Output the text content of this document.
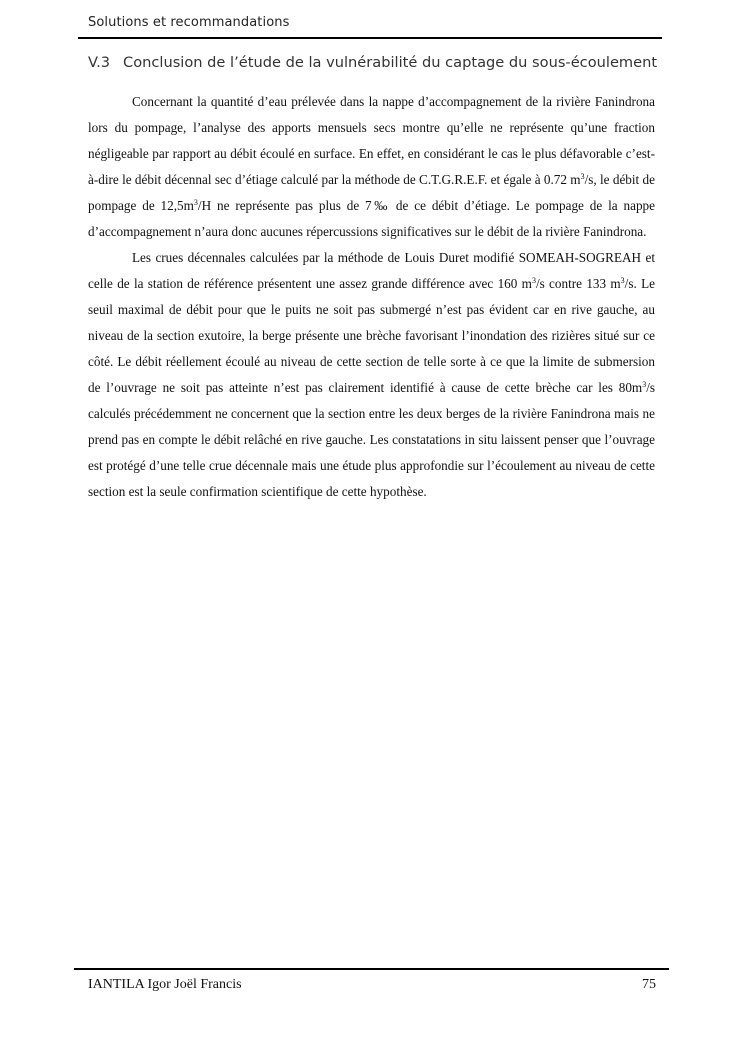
Solutions et recommandations
V.3 Conclusion de l’étude de la vulnérabilité du captage du sous-écoulement

Concernant la quantité d’eau prélevée dans la nappe d’accompagnement de la rivière Fanindrona lors du pompage, l’analyse des apports mensuels secs montre qu’elle ne représente qu’une fraction négligeable par rapport au débit écoulé en surface. En effet, en considérant le cas le plus défavorable c’est-à-dire le débit décennal sec d’étiage calculé par la méthode de C.T.G.R.E.F. et égale à 0.72 $m^3/s$, le débit de pompage de $12,5m^3/H$ ne représente pas plus de 7‰ de ce débit d’étiage. Le pompage de la nappe d’accompagnement n’aura donc aucunes répercussions significatives sur le débit de la rivière Fanindrona.

Les crues décennales calculées par la méthode de Louis Duret modifié SOMEAH-SOGREAH et celle de la station de référence présentent une assez grande différence avec 160 $m^3/s$ contre 133 $m^3/s$. Le seuil maximal de débit pour que le puits ne soit pas submergé n’est pas évident car en rive gauche, au niveau de la section exutoire, la berge présente une brèche favorisant l’inondation des rizières situé sur ce côté. Le débit réellement écoulé au niveau de cette section de telle sorte à ce que la limite de submersion de l’ouvrage ne soit pas atteinte n’est pas clairement identifié à cause de cette brèche car les $80m^3/s$ calculés précédemment ne concernent que la section entre les deux berges de la rivière Fanindrona mais ne prend pas en compte le débit relâché en rive gauche. Les constatations in situ laissent penser que l’ouvrage est protégé d’une telle crue décennale mais une étude plus approfondie sur l’écoulement au niveau de cette section est la seule confirmation scientifique de cette hypothèse.

IANTILA Igor Joël Francis	75
